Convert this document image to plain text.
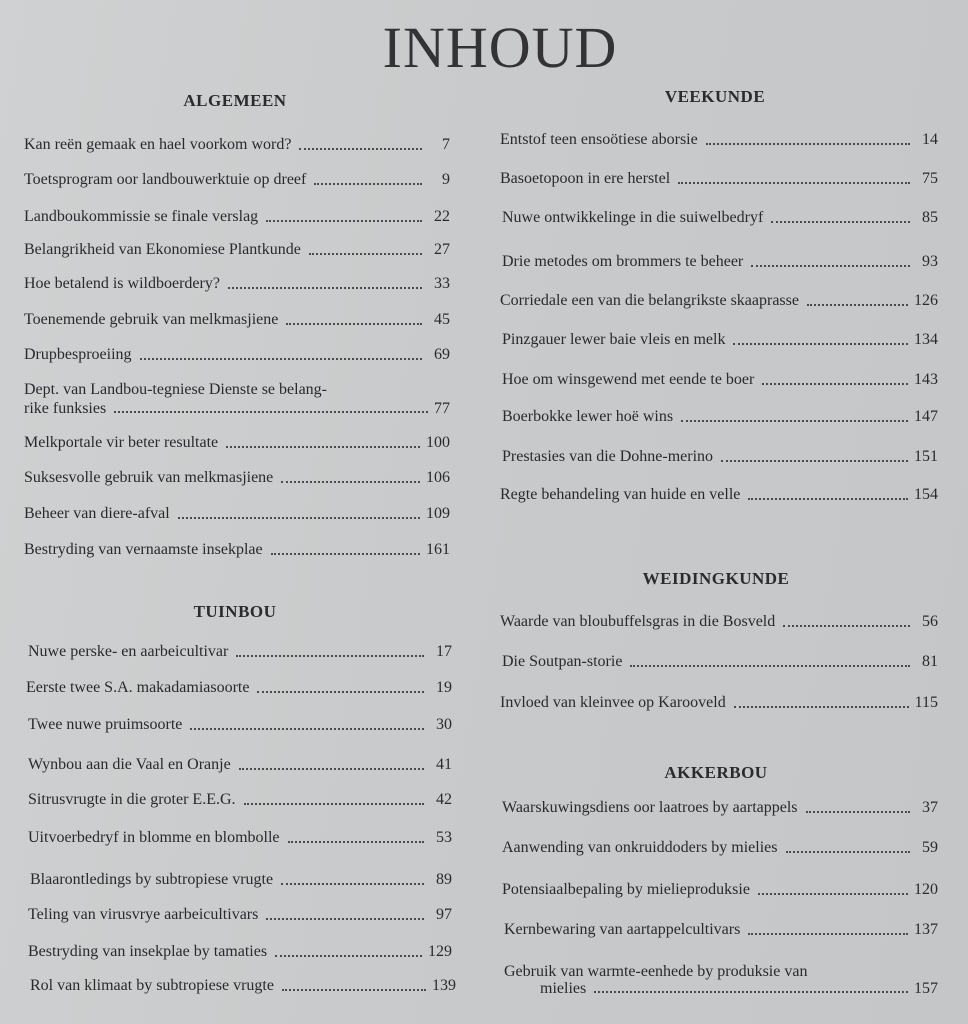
INHOUD
ALGEMEEN
Kan reën gemaak en hael voorkom word?	7
Toetsprogram oor landbouwerktuie op dreef	9
Landboukommissie se finale verslag	22
Belangrikheid van Ekonomiese Plantkunde	27
Hoe betalend is wildboerdery?	33
Toenemende gebruik van melkmasjiene	45
Drupbesproeiing	69
Dept. van Landbou-tegniese Dienste se belang-
rike funksies	77
Melkportale vir beter resultate	100
Suksesvolle gebruik van melkmasjiene	106
Beheer van diere-afval	109
Bestryding van vernaamste insekplae	161
TUINBOU
Nuwe perske- en aarbeicultivar	17
Eerste twee S.A. makadamiasoorte	19
Twee nuwe pruimsoorte	30
Wynbou aan die Vaal en Oranje	41
Sitrusvrugte in die groter E.E.G.	42
Uitvoerbedryf in blomme en blombolle	53
Blaarontledings by subtropiese vrugte	89
Teling van virusvrye aarbeicultivars	97
Bestryding van insekplae by tamaties	129
Rol van klimaat by subtropiese vrugte	139
VEEKUNDE
Entstof teen ensoötiese aborsie	14
Basoetopoon in ere herstel	75
Nuwe ontwikkelinge in die suiwelbedryf	85
Drie metodes om brommers te beheer	93
Corriedale een van die belangrikste skaaprasse	126
Pinzgauer lewer baie vleis en melk	134
Hoe om winsgewend met eende te boer	143
Boerbokke lewer hoë wins	147
Prestasies van die Dohne-merino	151
Regte behandeling van huide en velle	154
WEIDINGKUNDE
Waarde van bloubuffelsgras in die Bosveld	56
Die Soutpan-storie	81
Invloed van kleinvee op Karooveld	115
AKKERBOU
Waarskuwingsdiens oor laatroes by aartappels	37
Aanwending van onkruiddoders by mielies	59
Potensiaalbepaling by mielieproduksie	120
Kernbewaring van aartappelcultivars	137
Gebruik van warmte-eenhede by produksie van
mielies	157
